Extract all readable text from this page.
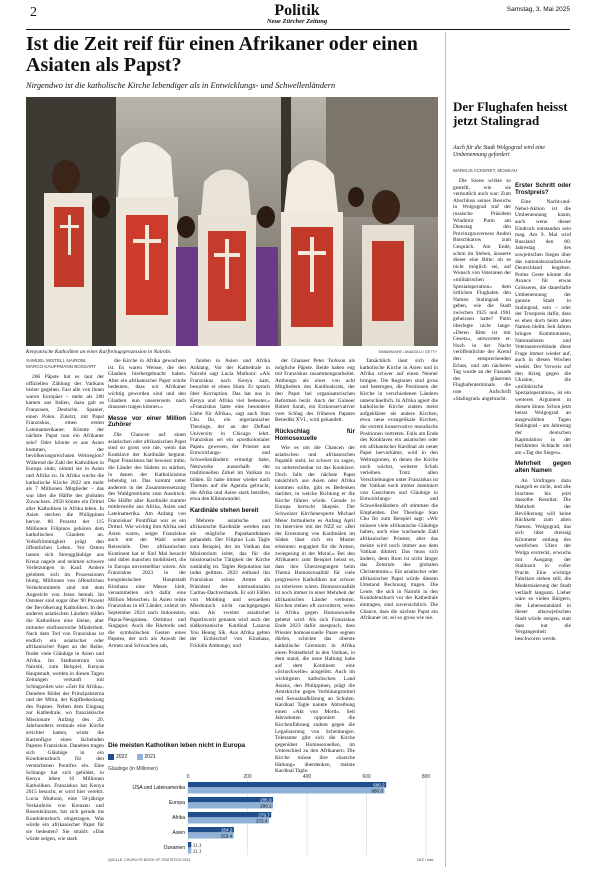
2	Politik
Neue Zürcher Zeitung
Samstag, 3. Mai 2025
Ist die Zeit reif für einen Afrikaner oder einen Asiaten als Papst?
Nirgendwo ist die katholische Kirche lebendiger als in Entwicklungs- und Schwellenländern
Kenyanische Katholiken an einer Karfreitagsprozession in Nairobi.	SIMBARASHE / ANADOLU / GETTY

SAMUEL MISTELI, NAIROBI,
MARCO KAUFFMANN BOSSART

266 Päpste hat es laut der offiziellen Zählung des Vatikans bisher gegeben. Fast alle von ihnen waren Europäer – mehr als 200 kamen aus Italien, dazu gab es Franzosen, Deutsche, Spanier, einen Polen. Zuletzt, mit Papst Franziskus, einen ersten Lateinamerikaner. Könnte der nächste Papst nun ein Afrikaner sein? Oder könnte er aus Asien kommen, der bevölkerungsreichsten Weltregion? Während die Zahl der Katholiken in Europa sinkt, nimmt sie in Asien und Afrika zu. In Afrika wuchs die katholische Kirche 2022 um mehr als 7 Millionen Mitglieder – das war über die Hälfte des globalen Zuwachses. 2050 könnte ein Drittel aller Katholiken in Afrika leben. In Asien stechen die Philippinen hervor. 80 Prozent der 115 Millionen Filipinos gehören dem katholischen Glauben an. Volksfrömmigkeit prägt den öffentlichen Leben. Vor Ostern lassen sich Strenggläubige ans Kreuz nageln und nehmen schwere Verletzungen in Kauf. Andere gelobten sich im Prozessionen blutig. Millionen von öffentlichen Verkehrsmitteln sind mit dem Angesicht von Jesus bemalt. Im Oststeer sind sogar über 90 Prozent der Bevölkerung Katholiken. In den anderen asiatischen Ländern bilden die Katholiken eine kleine, aber mitunter einflussreiche Minderheit. Nach dem Tod von Franziskus ist endlich ein asiatischer oder afrikanischer Papst an der Reihe, findet viele Gläubige in Asien und Afrika. Im Stadtzentrum von Nairobi, zum Beispiel, Kenyas Hauptstadt, werden in diesen Tagen Zeitungen verkauft mit Schlagzeilen wie: «Zeit für Afrika». Daneben Bilder der Prinzipalsterna und der Mitra, der Kopfbedeckung des Papstes. Neben dem Eingang zur Kathedrale, wo franziskische Missionare Anfang des 20. Jahrhunderts erstmals eine Kirche errichtet hatten, winkt die Kartonfigur eines lächelnden Papstes Franziskus. Daneben tragen sich Gläubige in ein Kondolenzbuch für den verstorbenen Pontifex ein. Eine Schlange hat sich gebildet, in Kenya leben 10 Millionen Katholiken. Franziskus hat Kenya 2015 besucht, er wird hier verehrt. Lucia Muthoni, eine 50-jährige Verkäuferin von Kreuzen und Rosenkränzen, hat sich gerade ins Kondolenzbuch eingetragen. Was würde ein afrikanischer Papst für sie bedeuten? Sie strahlt: «Das würde zeigen, wie stark

die Kirche in Afrika gewachsen ist. Es waren Weisse, die den Glauben hierhergebracht haben. Aber ein afrikanischer Papst würde bedeuten, dass wir Afrikaner wichtig geworden sind und den Glauben nun unsererseits nach draussen tragen können.»

Messe vor einer Million Zuhörer

Die Chancen auf einen asiatischen oder afrikanischen Papst sind so gross wie nie, wenn das Konklave der Kardinäle beginnt. Papst Franziskus hat bewusst mitte, die Länder des Südens zu stärken, in denen der Katholizismus lebendig ist. Das kommt unter anderem in der Zusammensetzung des Wahlgremiums zum Ausdruck: Die Hälfte aller Kardinäle stammt mittlerweile aus Afrika, Asien und Lateinamerika. Am Anfang von Franziskus' Pontifikat war es ein Drittel. Wie wichtig ihm Afrika und Asien waren, zeigte Franziskus auch mit der Wahl seiner Reiseziele. Den afrikanischen Kontinent hat er fünf Mal besucht und dabei manchen mobilisiert, die in Europa unvorstellbar wären. Als Franziskus 2023 in der kongolesischen Hauptstadt Kinshasa eine Messe hielt, versammelten sich dafür eine Million Menschen. In Asien reiste Franziskus in elf Länder, zuletzt im September 2024 nach Indonesien, Papua-Neuguinea, Osttimor und Singapur. Auch die Rhetorik und die symbolischen Gesten eines Papstes, der sich als Anwalt der Armen und Schwachen sah,

fanden in Asien und Afrika Anklang. Vor der Kathedrale in Nairobi sagt Lucia Muthoni: «Als Franziskus nach Kenya kam, besuchte er einen Slum. Er sprach über Korruption. Das hat uns in Kenya und Afrika viel bedeutet.» «Franziskus hatte eine besondere Liebe für Afrika», sagt auch Stan Chu Ilo, ein nigerianischer Theologe, der an der DePaul University in Chicago lehrt. Franziskus sei ein «postkolonialer Papst» gewesen, der Priester aus Entwicklungs- und Schwellenländern ermutigt habe, Netzwerke ausserhalb der traditionellen Zirkel im Vatikan zu bilden. Er habe immer wieder nach Themen auf die Agenda gebracht, die Afrika und Asien stark beträfen, etwa den Klimawandel.

Kardinäle stehen bereit

Mehrere asiatische und afrikanische Kardinäle werden nun als mögliche Papstkandidaten gehandelt. Der Filipino Luis Tagle zum Beispiel, der im Vatikan das Ministerium leitet, das für die missionarische Tätigkeit der Kirche zuständig ist. Tagles Reputation hat indes gelitten. 2022 entband ihn Franziskus seines Amtes als Präsident des internationalen Caritas-Dachverbands. Er soll Fällen von Mobbing und sexuellem Missbrauch nicht nachgegangen sein. Als zweiter asiatischer Papstfavorit genannt wird auch der südkoreanische Kardinal Lazarus You Heung Sik. Aus Afrika gelten der Erzbischof von Kinshasa, Fridolin Ambongo, und

der Ghanaer Peter Turkson als mögliche Päpste. Beide haben eng mit Franziskus zusammengearbeitet. Ambongo als einer von acht Mitgliedern des Kardinalsrats, der den Papst bei organisatorischen Reformen berät. Auch der Guineer Robert Sarah, ein Erzkonservativer vom Schlag des früheren Papstes Benedikt XVI., wird gehandelt.

Rückschlag für Homosexuelle

Wie es um die Chancen der asiatischen und afrikanischen Papabili steht, ist schwer zu sagen, zu unberechenbar ist das Konklave. Doch falls der nächste Papst tatsächlich aus Asien oder Afrika kommen sollte, gibt es Bedenken darüber, in welche Richtung er die Kirche führen würde. Gerade in Europa herrscht Skepsis. Der Schweizer Kirchenexperte Michael Meier formulierte es Anfang April im Interview mit der NZZ so: «Bei der Ernennung von Kardinälen im Süden lässt sich ein Muster erkennen: engagiert für die Armen, zwiegesing in der Moral.» Bei den Afrikanern zum Beispiel heisst es, dass ihre Überzeugungen beim Thema Homosexualität für viele progressive Katholiken nur schwer zu tolerieren wären. Homosexualität ist noch immer in einer Mehrheit der afrikanischen Länder verboten. Kirchen stehen oft zuvorderst, wenn in Afrika gegen Homosexuelle gehetzt wird. Als sich Franziskus Ende 2023 dafür aussprach, dass Priester homosexuelle Paare segnen dürfen, schickte das oberste katholische Gremium in Afrika einen Protestbrief in den Vatikan, in dem stand, die neue Haltung habe auf dem Kontinent eine «Schockwelle» ausgelöst. Auch im wichtigsten katholischen Land Asiens, den Philippinen, prägt die Amtskirche gegen Verhütungsmittel und Sexualaufklärung an Schulen. Kardinal Tagle nannte Abtreibung einen «Akt von Mord». Seit Jahrzehnten opponiert die Kirchenführung zudem gegen die Legalisierung von Scheidungen. Toleranter gibt sich die Kirche gegenüber Homosexuellen, im Unterschied zu den Afrikanern. Die Kirche müsse ihre «barsche Haltung» überdenken, meinte Kardinal Tagle.

Tatsächlich lässt sich die katholische Kirche in Asien und in Afrika schwer auf einen Nenner bringen. Die Regionen sind gross und heterogen, die Positionen der Kirche in verschiedenen Ländern unterschiedlich. In Afrika agiert die katholische Kirche zudem meist aufgeklärter als andere Kirchen, etwa neue evangelikale Kirchen, die extrem konservative moralische Positionen vertreten. Falls am Ende des Konklaves ein asiatischer oder ein afrikanischer Kardinal als neuer Papst hervorkäme, wird in den Weltregionen, in denen die Kirche noch wächst, weiterer Schub verleihen. Trotz allen Verschiebungen unter Franziskus ist der Vatikan noch immer dominiert von Gesichtern und Gläubige in Entwicklungs- und Schwellenländern oft stimmen die Emphelden. Der Theologe Stan Chu Ilo zum Beispiel sagt: «Wir müssen viele afrikanische Gläubige haben, auch eine wachsende Zahl afrikanischer Priester, aber das meiste wird noch immer aus dem Vatikan diktiert. Das muss sich ändern, denn Rom ist nicht länger das Zentrum des globalen Christentums.» Ein asiatischer oder afrikanischer Papst würde diesem Umstand Rechnung tragen. Die Leute, die sich in Nairobi in den Kondolenzbuch vor der Kathedrale eintragen, sind zuversichtlich. Die Chance, dass die nächste Papst ein Afrikaner ist, sei so gross wie nie.

Die meisten Katholiken leben nicht in Europa
2022	2021
Gläubige (in Millionen)
0	200	400	600	800
USA und Lateinamerika	666.2
660.3
Europa	285.9
286.1
Afrika	279.7
272.4
Asien	154.2
153.4
Ozeanien 11.1
11.1
QUELLE: CHURCH'S BOOK OF STATISTICS 2024	NZZ / stiw.
Der Flughafen heisst jetzt Stalingrad
Auch für die Stadt Wolgograd wird eine Umbenennung gefordert
MARKUS ACKERET, MOSKAU

Die Szene wirkte so gestellt, wie sie vermutlich auch war: Zum Abschluss seines Besuchs in Wolgograd traf der russische Präsident Wladimir Putin am Dienstag den Provinzgouverneur Andrei Botschkarow zum Gespräch. Am Ende, schon im Stehen, äusserte dieser eine Bitte: ob es nicht möglich sei, auf Wunsch von Veteranen der «militärischen Spezialoperation» dem örtlichen Flughafen den Namen Stalingrad zu geben, wie die Stadt zwischen 1925 und 1961 geheissen hatte? Putin überlegte nicht lange. «Deren Bitte ist mir Gesetz», antwortete er. Noch in der Nacht veröffentlichte der Kreml den entsprechenden Erlass, und am nächsten Tag wurde an der Fassade des gläsernen Flughafenterminals die rote Aufschrift «Stalingrad» angebracht.

Erster Schritt oder Trostpreis?

Eine Nacht-und-Nebel-Aktion ist die Umbenennung kaum, auch wenn dieser Eindruck entstanden sein mag. Am 9. Mai wird Russland den 80. Jahrestag des sowjetischen Sieges über das nationalsozialistische Deutschland begehen. Putins Geste könnte die Avance für etwas Grösseres, die dauerhafte Umbenennung der ganzen Stadt in Stalingrad, sein – oder der Trostpreis dafür, dass es eben doch beim alten Namen bleibt. Seit Jahren bringen Kommunisten, Nationalisten und Veteranenverbände diese Frage immer wieder auf, auch in diesen Wochen wieder. Der Verweis auf den Krieg gegen die Ukraine, die «militärische Spezialoperation», ist ein weiteres Argument in diesem Sinne. Schon jetzt heisst Wolgograd an ausgewählten Tagen Stalingrad – am Jahrestag der deutschen Kapitulation in der berühmten Schlacht und am «Tag des Sieges».

Mehrheit gegen alten Namen

An Umfragen dazu mangelt es nicht, und alle brachten bis jetzt dasselbe Resultat: Die Mehrheit der Bevölkerung will keine Rückkehr zum alten Namen. Wolgograd, das sich über dreissig Kilometer entlang des westlichen Ufers der Wolga erstreckt, erwuchs mit Ausgang der Stalinzeit in voller Pracht. Eine wichtige Fabriken stehen still, die Modernisierung der Stadt verläuft langsam. Lieber wäre es vielen Bürgern, der Lebensstandard in dieser altsowjetischen Stadt würde steigen, statt dass nur die Vergangenheit beschworen werde.
